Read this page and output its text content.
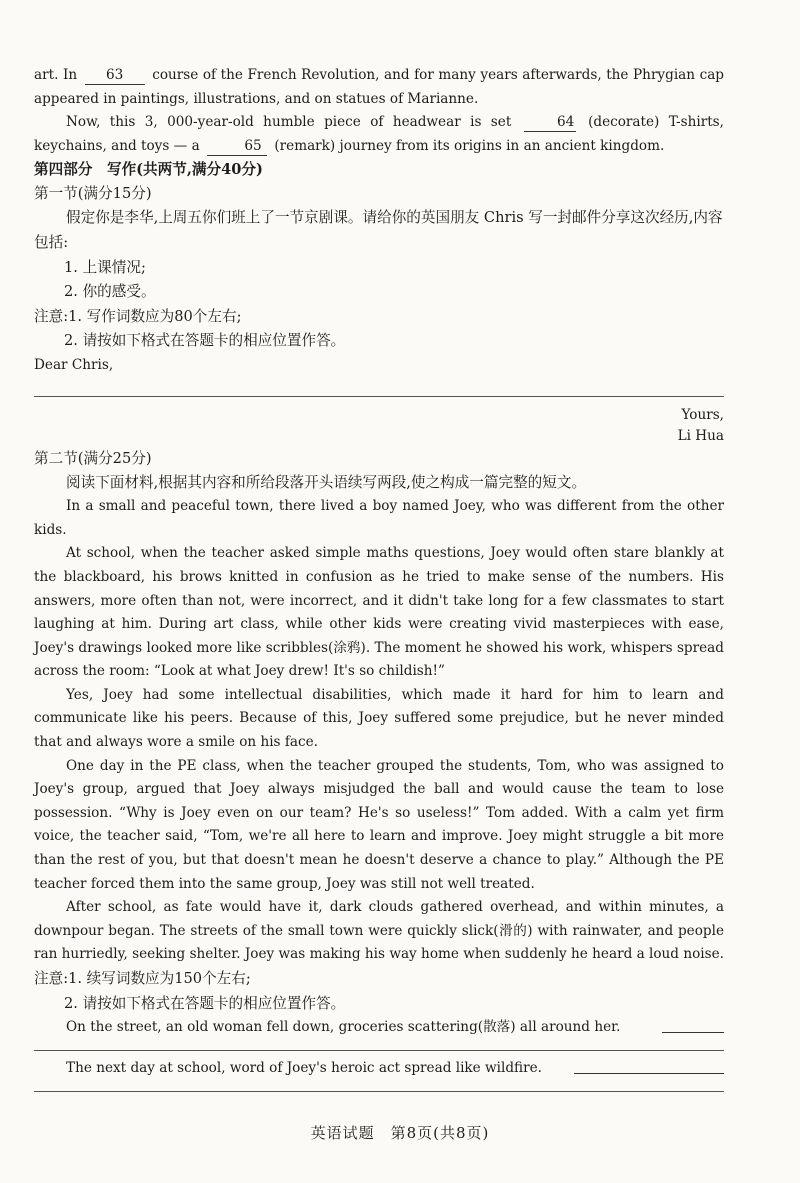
art. In 63 course of the French Revolution, and for many years afterwards, the Phrygian cap appeared in paintings, illustrations, and on statues of Marianne.

Now, this 3, 000-year-old humble piece of headwear is set	64 (decorate) T-shirts, keychains, and toys — a	65 (remark) journey from its origins in an ancient kingdom.

第四部分　写作(共两节,满分40分)

第一节(满分15分)

假定你是李华,上周五你们班上了一节京剧课。请给你的英国朋友 Chris 写一封邮件分享这次经历,内容包括:

1. 上课情况;

2. 你的感受。

注意:1. 写作词数应为80个左右;

2. 请按如下格式在答题卡的相应位置作答。

Dear Chris,

Yours,

Li Hua

第二节(满分25分)

阅读下面材料,根据其内容和所给段落开头语续写两段,使之构成一篇完整的短文。

In a small and peaceful town, there lived a boy named Joey, who was different from the other kids.

At school, when the teacher asked simple maths questions, Joey would often stare blankly at the blackboard, his brows knitted in confusion as he tried to make sense of the numbers. His answers, more often than not, were incorrect, and it didn't take long for a few classmates to start laughing at him. During art class, while other kids were creating vivid masterpieces with ease, Joey's drawings looked more like scribbles(涂鸦). The moment he showed his work, whispers spread across the room: “Look at what Joey drew! It's so childish!”

Yes, Joey had some intellectual disabilities, which made it hard for him to learn and communicate like his peers. Because of this, Joey suffered some prejudice, but he never minded that and always wore a smile on his face.

One day in the PE class, when the teacher grouped the students, Tom, who was assigned to Joey's group, argued that Joey always misjudged the ball and would cause the team to lose possession. “Why is Joey even on our team? He's so useless!” Tom added. With a calm yet firm voice, the teacher said, “Tom, we're all here to learn and improve. Joey might struggle a bit more than the rest of you, but that doesn't mean he doesn't deserve a chance to play.” Although the PE teacher forced them into the same group, Joey was still not well treated.

After school, as fate would have it, dark clouds gathered overhead, and within minutes, a downpour began. The streets of the small town were quickly slick(滑的) with rainwater, and people ran hurriedly, seeking shelter. Joey was making his way home when suddenly he heard a loud noise.

注意:1. 续写词数应为150个左右;

2. 请按如下格式在答题卡的相应位置作答。

On the street, an old woman fell down, groceries scattering(散落) all around her.
The next day at school, word of Joey's heroic act spread like wildfire.
英语试题　第8页(共8页)
